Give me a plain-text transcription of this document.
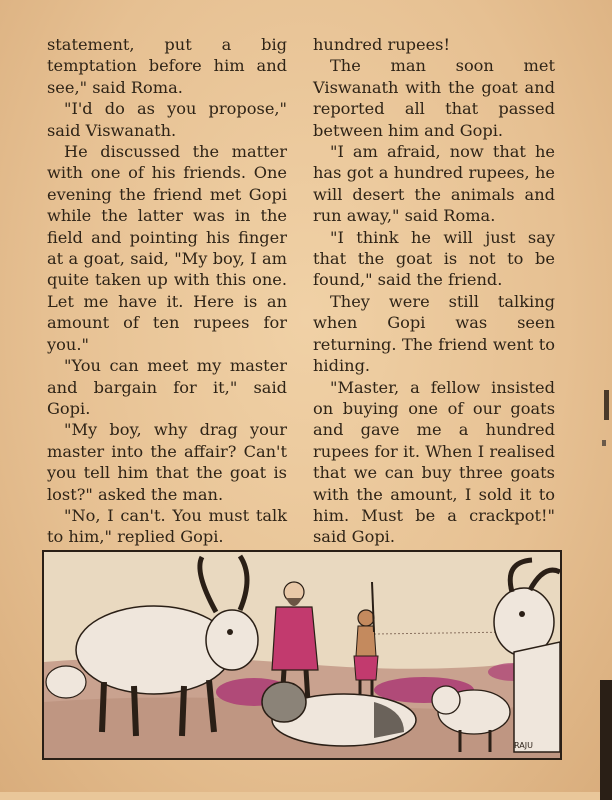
statement, put a big temptation before him and see," said Roma.

"I'd do as you propose," said Viswanath.

He discussed the matter with one of his friends. One evening the friend met Gopi while the latter was in the field and pointing his finger at a goat, said, "My boy, I am quite taken up with this one. Let me have it. Here is an amount of ten rupees for you."

"You can meet my master and bargain for it," said Gopi.

"My boy, why drag your master into the affair? Can't you tell him that the goat is lost?" asked the man.

"No, I can't. You must talk to him," replied Gopi.

hundred rupees!

The man soon met Viswanath with the goat and reported all that passed between him and Gopi.

"I am afraid, now that he has got a hundred rupees, he will desert the animals and run away," said Roma.

"I think he will just say that the goat is not to be found," said the friend.

They were still talking when Gopi was seen returning. The friend went to hiding.

"Master, a fellow insisted on buying one of our goats and gave me a hundred rupees for it. When I realised that we can buy three goats with the amount, I sold it to him. Must be a crackpot!" said Gopi.

RAJU
